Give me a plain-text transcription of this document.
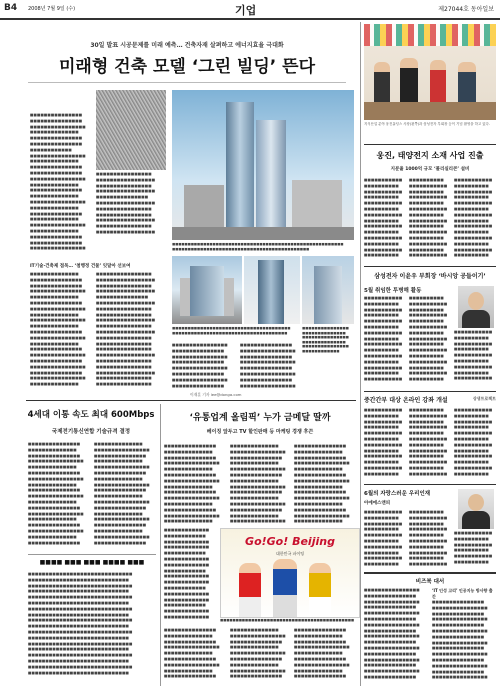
B4 2008년 7월 9일 (수)	기업	제27044호 동아일보
30일 발표 시공문제를 미래 예측… 건축자재 살펴하고 에너지효율 극대화
미래형 건축 모델 ‘그린 빌딩’ 뜬다
■■■■■■■■■■■■■■■ ■■■■■■■■■■■■■■■ ■■■■■■■■■■■■■■■■ ■■■■■■■■■■■■■■ ■■■■■■■■■■■■■■■ ■■■■■■■■■■■■■■■ ■■■■■■■■■■■■ ■■■■■■■■■■■■■■■■ ■■■■■■■■■■■■■■ ■■■■■■■■■■■■■■■ ■■■■■■■■■■■■■■■ ■■■■■■■■■■■■■■■■ ■■■■■■■■■■■■■■ ■■■■■■■■■■■■■■■ ■■■■■■■■■■■■■■ ■■■■■■■■■■■■■■■■ ■■■■■■■■■■■■■■ ■■■■■■■■■■■■■■■ ■■■■■■■■■■■■■■ ■■■■■■■■■■■■■■■■ ■■■■■■■■■■■■■■ ■■■■■■■■■■■■■■■ ■■■■■■■■■■■■■■■ ■■■■■■■■■■■■■■■■
■■■■■■■■■■■■■■■■ ■■■■■■■■■■■■■■■■■ ■■■■■■■■■■■■■■■■ ■■■■■■■■■■■■■■■■■ ■■■■■■■■■■■■■■■ ■■■■■■■■■■■■■■■■■ ■■■■■■■■■■■■■■■■ ■■■■■■■■■■■■■■■■ ■■■■■■■■■■■■■■■■■ ■■■■■■■■■■■■■■■■ ■■■■■■■■■■■■■■■■■
IT기술·건축제 접목… ‘첨행정 건물’ 잇달아 선보여
■■■■■■■■■■■■■■ ■■■■■■■■■■■■■■■ ■■■■■■■■■■■■■■■ ■■■■■■■■■■■■■■■■ ■■■■■■■■■■■■■■ ■■■■■■■■■■■■■■■ ■■■■■■■■■■■■■■■■ ■■■■■■■■■■■■■■ ■■■■■■■■■■■■■■■■ ■■■■■■■■■■■■■■ ■■■■■■■■■■■■■■■ ■■■■■■■■■■■■■■■■ ■■■■■■■■■■■■■■ ■■■■■■■■■■■■■■■ ■■■■■■■■■■■■■■■■ ■■■■■■■■■■■■■■■ ■■■■■■■■■■■■■■■■ ■■■■■■■■■■■■■■■ ■■■■■■■■■■■■■■■■ ■■■■■■■■■■■■■■
■■■■■■■■■■■■■■■■ ■■■■■■■■■■■■■■■■■ ■■■■■■■■■■■■■■■■ ■■■■■■■■■■■■■■■■■ ■■■■■■■■■■■■■■■ ■■■■■■■■■■■■■■■■■ ■■■■■■■■■■■■■■■■ ■■■■■■■■■■■■■■■■ ■■■■■■■■■■■■■■■■■ ■■■■■■■■■■■■■■■■ ■■■■■■■■■■■■■■■■■ ■■■■■■■■■■■■■■■■ ■■■■■■■■■■■■■■■■ ■■■■■■■■■■■■■■■■ ■■■■■■■■■■■■■■■■■ ■■■■■■■■■■■■■■■■ ■■■■■■■■■■■■■■■■ ■■■■■■■■■■■■■■■■■ ■■■■■■■■■■■■■■■■ ■■■■■■■■■■■■■■■■
■■■■■■■■■■■■■■■■■■■■■■■■■■■■■■■■■■■■■■■■■■■■■■■■■■■■■■■ ■■■■■■■■■■■■■■■■■■■■■■■■■■■■■■■■■■■■■■■■■■■■
■■■■■■■■■■■■■■■■■■■■■■■■■■■■■■■■■■■■■■ ■■■■■■■■■■■■■■■■■■■■■■■■■■■■■■■■■■■■■
■■■■■■■■■■■■■■■ ■■■■■■■■■■■■■■ ■■■■■■■■■■■■■■■ ■■■■■■■■■■■■■■ ■■■■■■■■■■■■■■■ ■■■■■■■■■■■■
■■■■■■■■■■■■■■■■ ■■■■■■■■■■■■■■■ ■■■■■■■■■■■■■■■■ ■■■■■■■■■■■■■■■ ■■■■■■■■■■■■■■■■ ■■■■■■■■■■■■■■■ ■■■■■■■■■■■■■■■■ ■■■■■■■■■■■■■■■
■■■■■■■■■■■■■■■ ■■■■■■■■■■■■■■■■ ■■■■■■■■■■■■■■■ ■■■■■■■■■■■■■■■■ ■■■■■■■■■■■■■■■ ■■■■■■■■■■■■■■■■ ■■■■■■■■■■■■■■■ ■■■■■■■■■■■■■■■■
이재훈 기자 lee@donga.com
4세대 이통 속도 최대 600Mbps
국제전기통신연합 기술규격 결정
■■■■■■■■■■■■■■■ ■■■■■■■■■■■■■■ ■■■■■■■■■■■■■■■ ■■■■■■■■■■■■■■■■ ■■■■■■■■■■■■■■ ■■■■■■■■■■■■■■■ ■■■■■■■■■■■■■■■■ ■■■■■■■■■■■■■■ ■■■■■■■■■■■■■■■ ■■■■■■■■■■■■■■■■ ■■■■■■■■■■■■■■ ■■■■■■■■■■■■■■■ ■■■■■■■■■■■■■■■■ ■■■■■■■■■■■■■■ ■■■■■■■■■■■■■■■ ■■■■■■■■■■■■■■■■ ■■■■■■■■■■■■■■ ■■■■■■■■■■■■■■■
■■■■■■■■■■■■■■ ■■■■■■■■■■■■■■■■ ■■■■■■■■■■■■■■■ ■■■■■■■■■■■■■■ ■■■■■■■■■■■■■■■■ ■■■■■■■■■■■■■■■ ■■■■■■■■■■■■■■ ■■■■■■■■■■■■■■■■ ■■■■■■■■■■■■■■■ ■■■■■■■■■■■■■■ ■■■■■■■■■■■■■■■■ ■■■■■■■■■■■■■■■ ■■■■■■■■■■■■■■ ■■■■■■■■■■■■■■■■ ■■■■■■■■■■■■■■■ ■■■■■■■■■■■■■■ ■■■■■■■■■■■■■■■■ ■■■■■■■■■■■■■■■
■■■■ ■■■ ■■■ ■■■■ ■■■
■■■■■■■■■■■■■■■■■■■■■■■■■■■■■■ ■■■■■■■■■■■■■■■■■■■■■■■■■■■■■ ■■■■■■■■■■■■■■■■■■■■■■■■■■■■■■ ■■■■■■■■■■■■■■■■■■■■■■■■■■■■■ ■■■■■■■■■■■■■■■■■■■■■■■■■■■■■■ ■■■■■■■■■■■■■■■■■■■■■■■■■■■■■ ■■■■■■■■■■■■■■■■■■■■■■■■■■■■■■ ■■■■■■■■■■■■■■■■■■■■■■■■■■■■■ ■■■■■■■■■■■■■■■■■■■■■■■■■■■■■■ ■■■■■■■■■■■■■■■■■■■■■■■■■■■■■ ■■■■■■■■■■■■■■■■■■■■■■■■■■■■■■ ■■■■■■■■■■■■■■■■■■■■■■■■■■■■■ ■■■■■■■■■■■■■■■■■■■■■■■■■■■■■■ ■■■■■■■■■■■■■■■■■■■■■■■■■■■■■ ■■■■■■■■■■■■■■■■■■■■■■■■■■■■■■ ■■■■■■■■■■■■■■■■■■■■■■■■■■■■■ ■■■■■■■■■■■■■■■■■■■■■■■■■■■■■■ ■■■■■■■■■■■■■■■■■■■■■■■■■■■■■
‘유통업계 올림픽’ 누가 금메달 딸까
베이징 앞두고 TV 할인판매 등 마케팅 경쟁 후끈
■■■■■■■■■■■■■■■ ■■■■■■■■■■■■■■ ■■■■■■■■■■■■■■■ ■■■■■■■■■■■■■■■■ ■■■■■■■■■■■■■■ ■■■■■■■■■■■■■■■ ■■■■■■■■■■■■■■■■ ■■■■■■■■■■■■■■ ■■■■■■■■■■■■■■■ ■■■■■■■■■■■■■■■■ ■■■■■■■■■■■■■■ ■■■■■■■■■■■■■■■ ■■■■■■■■■■■■■■■■ ■■■■■■■■■■■■■■
■■■■■■■■■■■■■■ ■■■■■■■■■■■■■■■■ ■■■■■■■■■■■■■■■ ■■■■■■■■■■■■■■ ■■■■■■■■■■■■■■■■ ■■■■■■■■■■■■■■■ ■■■■■■■■■■■■■■ ■■■■■■■■■■■■■■■■ ■■■■■■■■■■■■■■■ ■■■■■■■■■■■■■■ ■■■■■■■■■■■■■■■■ ■■■■■■■■■■■■■■■ ■■■■■■■■■■■■■■ ■■■■■■■■■■■■■■■■
■■■■■■■■■■■■■■■ ■■■■■■■■■■■■■■ ■■■■■■■■■■■■■■■ ■■■■■■■■■■■■■■■■ ■■■■■■■■■■■■■■ ■■■■■■■■■■■■■■■ ■■■■■■■■■■■■■■■■ ■■■■■■■■■■■■■■ ■■■■■■■■■■■■■■■ ■■■■■■■■■■■■■■■■ ■■■■■■■■■■■■■■ ■■■■■■■■■■■■■■■ ■■■■■■■■■■■■■■■■ ■■■■■■■■■■■■■■
Go!Go! Beijing
대한민국 파이팅
■■■■■■■■■■■■■ ■■■■■■■■■■■■ ■■■■■■■■■■■■■ ■■■■■■■■■■■■■ ■■■■■■■■■■■■ ■■■■■■■■■■■■■ ■■■■■■■■■■■■■ ■■■■■■■■■■■■ ■■■■■■■■■■■■■ ■■■■■■■■■■■■■ ■■■■■■■■■■■■ ■■■■■■■■■■■■■ ■■■■■■■■■■■■■ ■■■■■■■■■■■■ ■■■■■■■■■■■■■ ■■■■■■■■■■■■■
■■■■■■■■■■■■■■■■■■■■■■■■■■■■■■■■■■■■■■■■■■■
■■■■■■■■■■■■■■■ ■■■■■■■■■■■■■■ ■■■■■■■■■■■■■■■ ■■■■■■■■■■■■■■■■ ■■■■■■■■■■■■■■ ■■■■■■■■■■■■■■■ ■■■■■■■■■■■■■■■■ ■■■■■■■■■■■■■■ ■■■■■■■■■■■■■■■
■■■■■■■■■■■■■■ ■■■■■■■■■■■■■■■■ ■■■■■■■■■■■■■■■ ■■■■■■■■■■■■■■ ■■■■■■■■■■■■■■■■ ■■■■■■■■■■■■■■■ ■■■■■■■■■■■■■■ ■■■■■■■■■■■■■■■■ ■■■■■■■■■■■■■■■
■■■■■■■■■■■■■■■ ■■■■■■■■■■■■■■ ■■■■■■■■■■■■■■■ ■■■■■■■■■■■■■■■■ ■■■■■■■■■■■■■■ ■■■■■■■■■■■■■■■ ■■■■■■■■■■■■■■■■ ■■■■■■■■■■■■■■ ■■■■■■■■■■■■■■■
지식산업 분야 웅진홀딩스 사장(왼쪽)과 삼성전자 부회장 등이 기념 촬영을 하고 있다.
웅진, 태양전지 소재 사업 진출
지분율 1000억 규모 ‘폴리실리콘’ 설비
■■■■■■■■■■■ ■■■■■■■■■■ ■■■■■■■■■■■ ■■■■■■■■■■ ■■■■■■■■■■■ ■■■■■■■■■■ ■■■■■■■■■■■ ■■■■■■■■■■ ■■■■■■■■■■■ ■■■■■■■■■■ ■■■■■■■■■■■ ■■■■■■■■■■ ■■■■■■■■■■■ ■■■■■■■■■■
■■■■■■■■■■ ■■■■■■■■■■■ ■■■■■■■■■■ ■■■■■■■■■■■ ■■■■■■■■■■ ■■■■■■■■■■■ ■■■■■■■■■■ ■■■■■■■■■■■ ■■■■■■■■■■ ■■■■■■■■■■■ ■■■■■■■■■■ ■■■■■■■■■■■ ■■■■■■■■■■ ■■■■■■■■■■■
■■■■■■■■■■■ ■■■■■■■■■■ ■■■■■■■■■■■ ■■■■■■■■■■ ■■■■■■■■■■■ ■■■■■■■■■■ ■■■■■■■■■■■ ■■■■■■■■■■ ■■■■■■■■■■■ ■■■■■■■■■■ ■■■■■■■■■■■ ■■■■■■■■■■ ■■■■■■■■■■■ ■■■■■■■■■■
삼성전자 이윤우 부회장 ‘바시앙 공들이기’
5월 취임한 투병해 활동
■■■■■■■■■■■ ■■■■■■■■■■ ■■■■■■■■■■■ ■■■■■■■■■■ ■■■■■■■■■■■ ■■■■■■■■■■ ■■■■■■■■■■■ ■■■■■■■■■■ ■■■■■■■■■■■ ■■■■■■■■■■ ■■■■■■■■■■■ ■■■■■■■■■■ ■■■■■■■■■■■ ■■■■■■■■■■ ■■■■■■■■■■■
■■■■■■■■■■ ■■■■■■■■■■■ ■■■■■■■■■■ ■■■■■■■■■■■ ■■■■■■■■■■ ■■■■■■■■■■■ ■■■■■■■■■■ ■■■■■■■■■■■ ■■■■■■■■■■ ■■■■■■■■■■■ ■■■■■■■■■■ ■■■■■■■■■■■ ■■■■■■■■■■ ■■■■■■■■■■■ ■■■■■■■■■■
■■■■■■■■■■■ ■■■■■■■■■■ ■■■■■■■■■■■ ■■■■■■■■■■ ■■■■■■■■■■■ ■■■■■■■■■■ ■■■■■■■■■■■ ■■■■■■■■■■ ■■■■■■■■■■■
상생프로젝트
중간간부 대상 온라인 강좌 개설
■■■■■■■■■■■ ■■■■■■■■■■ ■■■■■■■■■■■ ■■■■■■■■■■ ■■■■■■■■■■■ ■■■■■■■■■■ ■■■■■■■■■■■ ■■■■■■■■■■ ■■■■■■■■■■■ ■■■■■■■■■■ ■■■■■■■■■■■ ■■■■■■■■■■
■■■■■■■■■■ ■■■■■■■■■■■ ■■■■■■■■■■ ■■■■■■■■■■■ ■■■■■■■■■■ ■■■■■■■■■■■ ■■■■■■■■■■ ■■■■■■■■■■■ ■■■■■■■■■■ ■■■■■■■■■■■ ■■■■■■■■■■ ■■■■■■■■■■■
■■■■■■■■■■■ ■■■■■■■■■■ ■■■■■■■■■■■ ■■■■■■■■■■ ■■■■■■■■■■■ ■■■■■■■■■■ ■■■■■■■■■■■ ■■■■■■■■■■ ■■■■■■■■■■■ ■■■■■■■■■■ ■■■■■■■■■■■ ■■■■■■■■■■
6월의 자랑스러운 우리인재
아에에스앤피
■■■■■■■■■■■ ■■■■■■■■■■ ■■■■■■■■■■■ ■■■■■■■■■■ ■■■■■■■■■■■ ■■■■■■■■■■ ■■■■■■■■■■■ ■■■■■■■■■■ ■■■■■■■■■■■ ■■■■■■■■■■
■■■■■■■■■■ ■■■■■■■■■■■ ■■■■■■■■■■ ■■■■■■■■■■■ ■■■■■■■■■■ ■■■■■■■■■■■ ■■■■■■■■■■ ■■■■■■■■■■■ ■■■■■■■■■■ ■■■■■■■■■■■
■■■■■■■■■■■ ■■■■■■■■■■ ■■■■■■■■■■■ ■■■■■■■■■■ ■■■■■■■■■■■ ■■■■■■■■■■
비즈북 대서
■■■■■■■■■■■■■■■■ ■■■■■■■■■■■■■■■ ■■■■■■■■■■■■■■■■ ■■■■■■■■■■■■■■■ ■■■■■■■■■■■■■■■■ ■■■■■■■■■■■■■■■ ■■■■■■■■■■■■■■■■ ■■■■■■■■■■■■■■■ ■■■■■■■■■■■■■■■■ ■■■■■■■■■■■■■■■ ■■■■■■■■■■■■■■■■ ■■■■■■■■■■■■■■■ ■■■■■■■■■■■■■■■■ ■■■■■■■■■■■■■■■ ■■■■■■■■■■■■■■■■ ■■■■■■■■■■■■■■■
‘IT 인성 고리’ 인공지능 방사향 출간
■■■■■■■■■■■■■■■ ■■■■■■■■■■■■■■■■ ■■■■■■■■■■■■■■■ ■■■■■■■■■■■■■■■■ ■■■■■■■■■■■■■■■ ■■■■■■■■■■■■■■■■ ■■■■■■■■■■■■■■■ ■■■■■■■■■■■■■■■■ ■■■■■■■■■■■■■■■ ■■■■■■■■■■■■■■■■ ■■■■■■■■■■■■■■■ ■■■■■■■■■■■■■■■■ ■■■■■■■■■■■■■■■ ■■■■■■■■■■■■■■■■
